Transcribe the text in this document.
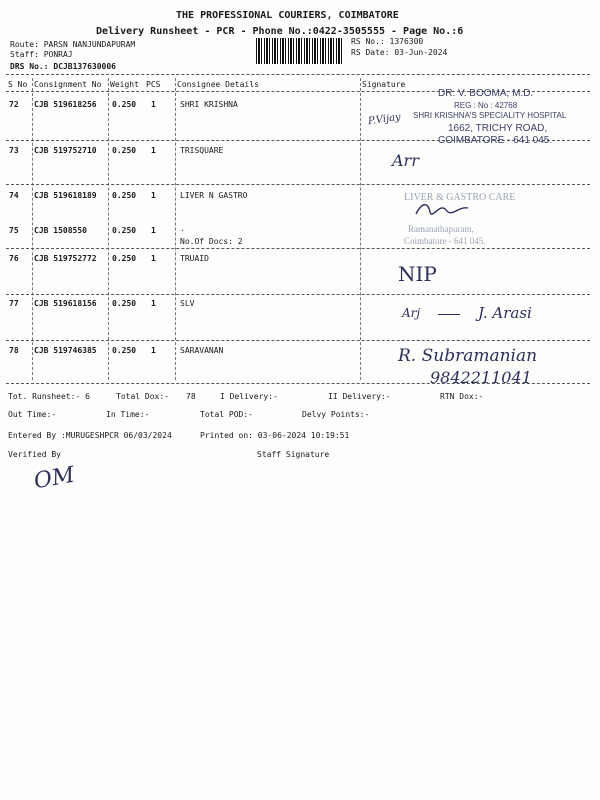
THE PROFESSIONAL COURIERS, COIMBATORE
Delivery Runsheet - PCR - Phone No.:0422-3505555 - Page No.:6
Route: PARSN NANJUNDAPURAM
Staff: PONRAJ
DRS No.: DCJB137630006
RS No.: 1376300
RS Date: 03-Jun-2024
S No Consignment No Weight PCS Consignee Details	Signature
72 CJB 519618256 0.250 1	SHRI KRISHNA
73 CJB 519752710 0.250 1	TRISQUARE
74 CJB 519618189 0.250 1	LIVER N GASTRO
75 CJB 1508550	0.250 1	.
No.Of Docs: 2
76 CJB 519752772 0.250 1	TRUAID
77 CJB 519618156 0.250 1	SLV
78 CJB 519746385 0.250 1	SARAVANAN
DR. V. BOOMA, M.D.
REG : No : 42768
SHRI KRISHNA'S SPECIALITY HOSPITAL
1662, TRICHY ROAD,
COIMBATORE - 641 045.
LIVER & GASTRO CARE
Ramanathapuram,
Coimbatore - 641 045.
P.Vijay
Arr
NIP
Arj	J. Arasi
R. Subramanian
9842211041
Tot. Runsheet:- 6	Total Dox:- 78	I Delivery:-	II Delivery:-	RTN Dox:-
Out Time:-	In Time:-	Total POD:-	Delvy Points:-
Entered By :MURUGESHPCR 06/03/2024	Printed on: 03-06-2024 10:19:51
Verified By	Staff Signature
OM
